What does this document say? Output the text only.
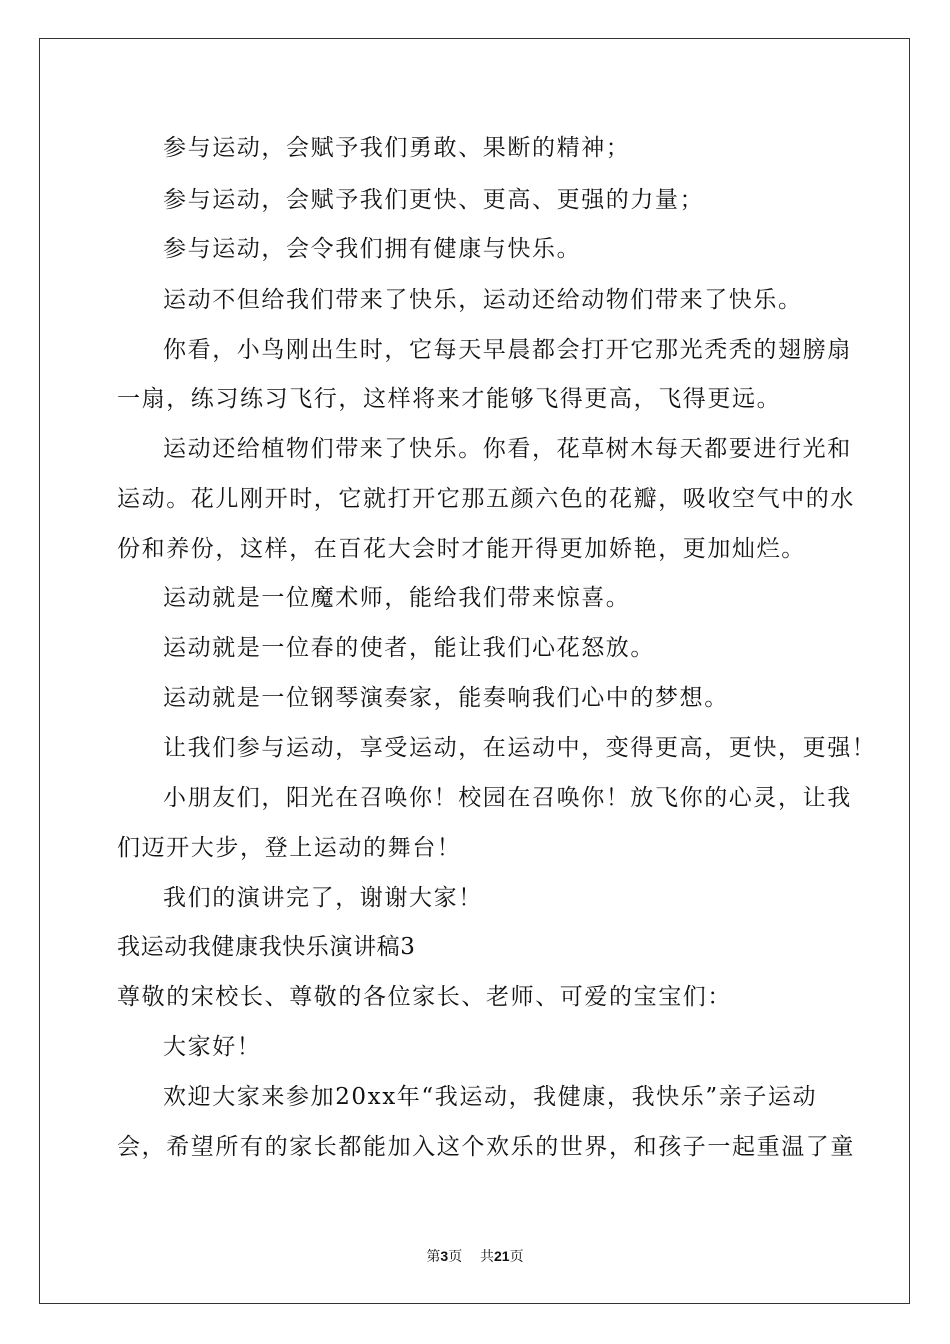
参与运动，会赋予我们勇敢、果断的精神；
参与运动，会赋予我们更快、更高、更强的力量；
参与运动，会令我们拥有健康与快乐。
运动不但给我们带来了快乐，运动还给动物们带来了快乐。
你看，小鸟刚出生时，它每天早晨都会打开它那光秃秃的翅膀扇
一扇，练习练习飞行，这样将来才能够飞得更高，飞得更远。
运动还给植物们带来了快乐。你看，花草树木每天都要进行光和
运动。花儿刚开时，它就打开它那五颜六色的花瓣，吸收空气中的水
份和养份，这样，在百花大会时才能开得更加娇艳，更加灿烂。
运动就是一位魔术师，能给我们带来惊喜。
运动就是一位春的使者，能让我们心花怒放。
运动就是一位钢琴演奏家，能奏响我们心中的梦想。
让我们参与运动，享受运动，在运动中，变得更高，更快，更强！
小朋友们，阳光在召唤你！校园在召唤你！放飞你的心灵，让我
们迈开大步，登上运动的舞台！
我们的演讲完了，谢谢大家！
我运动我健康我快乐演讲稿3
尊敬的宋校长、尊敬的各位家长、老师、可爱的宝宝们：
大家好！
欢迎大家来参加20xx年“我运动，我健康，我快乐”亲子运动
会，希望所有的家长都能加入这个欢乐的世界，和孩子一起重温了童
第3页 共21页
